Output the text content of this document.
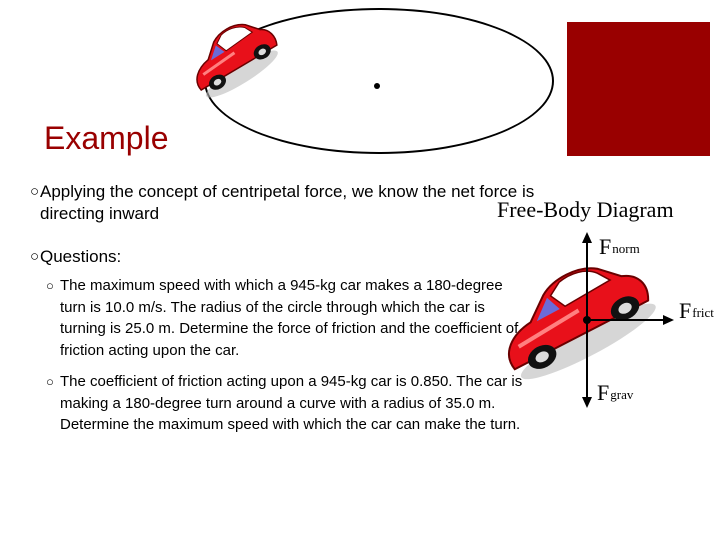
Example
○ Applying the concept of centripetal force, we know the net force is directing inward
○ Questions:
○ The maximum speed with which a 945-kg car makes a 180-degree turn is 10.0 m/s. The radius of the circle through which the car is turning is 25.0 m. Determine the force of friction and the coefficient of friction acting upon the car.
○ The coefficient of friction acting upon a 945-kg car is 0.850. The car is making a 180-degree turn around a curve with a radius of 35.0 m. Determine the maximum speed with which the car can make the turn.
Free-Body Diagram
$F_{norm}$
$F_{frict}$
$F_{grav}$
